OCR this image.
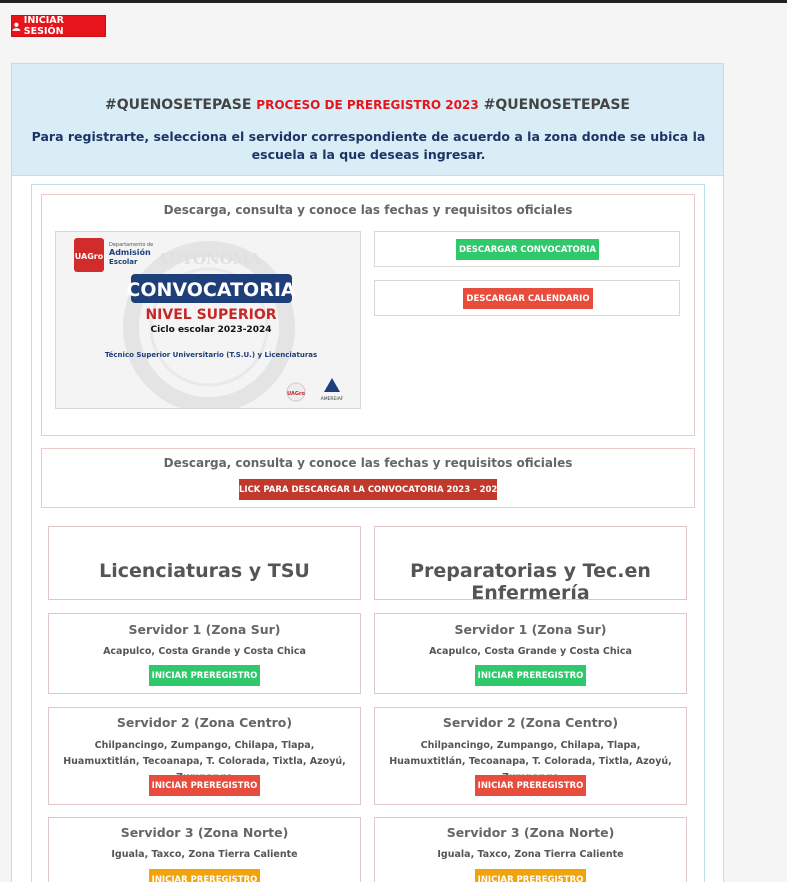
INICIAR SESIÓN
#QUENOSETEPASE PROCESO DE PREREGISTRO 2023 #QUENOSETEPASE
Para registrarte, selecciona el servidor correspondiente de acuerdo a la zona donde se ubica la escuela a la que deseas ingresar.
Descarga, consulta y conoce las fechas y requisitos oficiales
AUTÓNOMA
UAGro
Departamento de
Admisión
Escolar
CONVOCATORIA
NIVEL SUPERIOR
Ciclo escolar 2023-2024
Técnico Superior Universitario (T.S.U.) y Licenciaturas
UAGro
AMEREIAF
DESCARGAR CONVOCATORIA
DESCARGAR CALENDARIO
Descarga, consulta y conoce las fechas y requisitos oficiales
CLICK PARA DESCARGAR LA CONVOCATORIA 2023 - 2024
Licenciaturas y TSU
Servidor 1 (Zona Sur)
Acapulco, Costa Grande y Costa Chica
INICIAR PREREGISTRO
Servidor 2 (Zona Centro)
Chilpancingo, Zumpango, Chilapa, Tlapa, Huamuxtitlán, Tecoanapa, T. Colorada, Tixtla, Azoyú,
INICIAR PREREGISTRO
Servidor 3 (Zona Norte)
Iguala, Taxco, Zona Tierra Caliente
INICIAR PREREGISTRO
Preparatorias y Tec.en Enfermería
Servidor 1 (Zona Sur)
Acapulco, Costa Grande y Costa Chica
INICIAR PREREGISTRO
Servidor 2 (Zona Centro)
Chilpancingo, Zumpango, Chilapa, Tlapa, Huamuxtitlán, Tecoanapa, T. Colorada, Tixtla, Azoyú,
INICIAR PREREGISTRO
Servidor 3 (Zona Norte)
Iguala, Taxco, Zona Tierra Caliente
INICIAR PREREGISTRO
